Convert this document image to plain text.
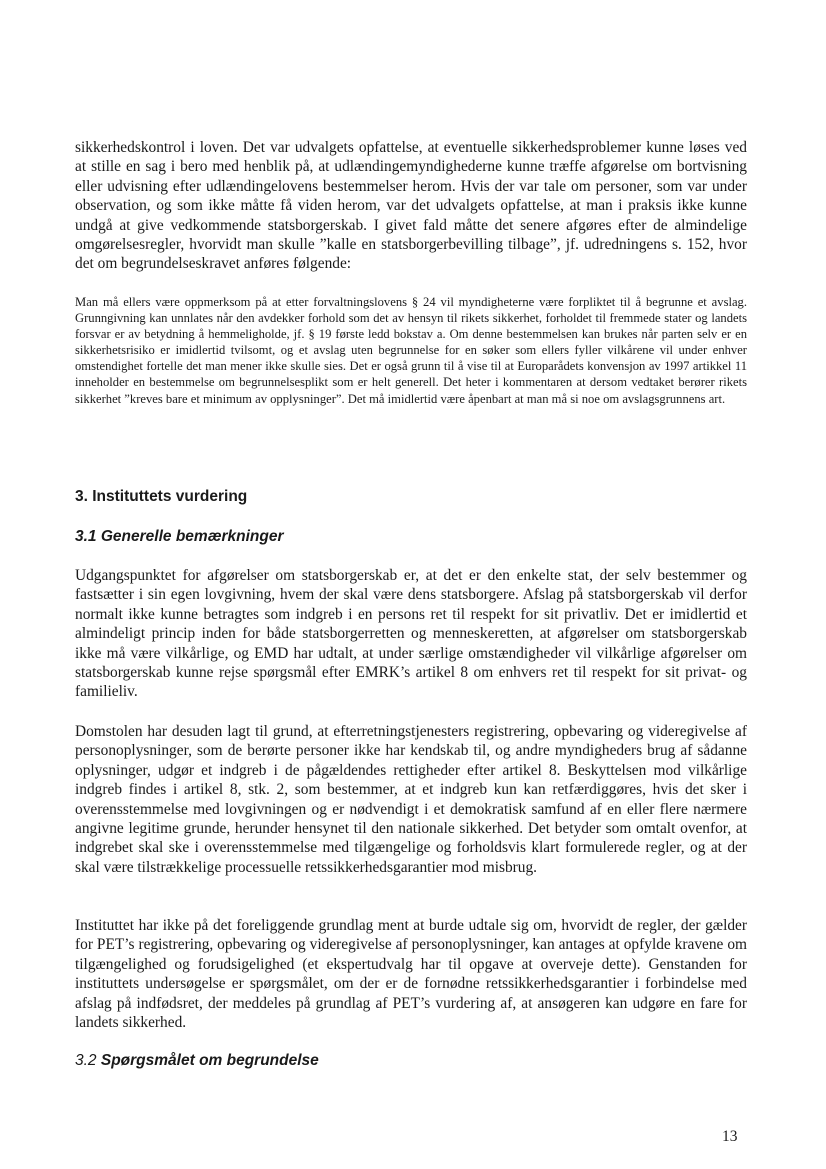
sikkerhedskontrol i loven. Det var udvalgets opfattelse, at eventuelle sikkerhedsproblemer kunne løses ved at stille en sag i bero med henblik på, at udlændingemyndighederne kunne træffe afgørelse om bortvisning eller udvisning efter udlændingelovens bestemmelser herom. Hvis der var tale om personer, som var under observation, og som ikke måtte få viden herom, var det udvalgets opfattelse, at man i praksis ikke kunne undgå at give vedkommende statsborgerskab. I givet fald måtte det senere afgøres efter de almindelige omgørelsesregler, hvorvidt man skulle ”kalle en statsborgerbevilling tilbage”, jf. udredningens s. 152, hvor det om begrundelseskravet anføres følgende:

Man må ellers være oppmerksom på at etter forvaltningslovens § 24 vil myndigheterne være forpliktet til å begrunne et avslag. Grunngivning kan unnlates når den avdekker forhold som det av hensyn til rikets sikkerhet, forholdet til fremmede stater og landets forsvar er av betydning å hemmeligholde, jf. § 19 første ledd bokstav a. Om denne bestemmelsen kan brukes når parten selv er en sikkerhetsrisiko er imidlertid tvilsomt, og et avslag uten begrunnelse for en søker som ellers fyller vilkårene vil under enhver omstendighet fortelle det man mener ikke skulle sies. Det er også grunn til å vise til at Europarådets konvensjon av 1997 artikkel 11 inneholder en bestemmelse om begrunnelsesplikt som er helt generell. Det heter i kommentaren at dersom vedtaket berører rikets sikkerhet ”kreves bare et minimum av opplysninger”. Det må imidlertid være åpenbart at man må si noe om avslagsgrunnens art.

3. Instituttets vurdering
3.1 Generelle bemærkninger

Udgangspunktet for afgørelser om statsborgerskab er, at det er den enkelte stat, der selv bestemmer og fastsætter i sin egen lovgivning, hvem der skal være dens statsborgere. Afslag på statsborgerskab vil derfor normalt ikke kunne betragtes som indgreb i en persons ret til respekt for sit privatliv. Det er imidlertid et almindeligt princip inden for både statsborgerretten og menneskeretten, at afgørelser om statsborgerskab ikke må være vilkårlige, og EMD har udtalt, at under særlige omstændigheder vil vilkårlige afgørelser om statsborgerskab kunne rejse spørgsmål efter EMRK’s artikel 8 om enhvers ret til respekt for sit privat- og familieliv.

Domstolen har desuden lagt til grund, at efterretningstjenesters registrering, opbevaring og videregivelse af personoplysninger, som de berørte personer ikke har kendskab til, og andre myndigheders brug af sådanne oplysninger, udgør et indgreb i de pågældendes rettigheder efter artikel 8. Beskyttelsen mod vilkårlige indgreb findes i artikel 8, stk. 2, som bestemmer, at et indgreb kun kan retfærdiggøres, hvis det sker i overensstemmelse med lovgivningen og er nødvendigt i et demokratisk samfund af en eller flere nærmere angivne legitime grunde, herunder hensynet til den nationale sikkerhed. Det betyder som omtalt ovenfor, at indgrebet skal ske i overensstemmelse med tilgængelige og forholdsvis klart formulerede regler, og at der skal være tilstrækkelige processuelle retssikkerhedsgarantier mod misbrug.

Instituttet har ikke på det foreliggende grundlag ment at burde udtale sig om, hvorvidt de regler, der gælder for PET’s registrering, opbevaring og videregivelse af personoplysninger, kan antages at opfylde kravene om tilgængelighed og forudsigelighed (et ekspertudvalg har til opgave at overveje dette). Genstanden for instituttets undersøgelse er spørgsmålet, om der er de fornødne retssikkerhedsgarantier i forbindelse med afslag på indfødsret, der meddeles på grundlag af PET’s vurdering af, at ansøgeren kan udgøre en fare for landets sikkerhed.

3.2 Spørgsmålet om begrundelse

13
